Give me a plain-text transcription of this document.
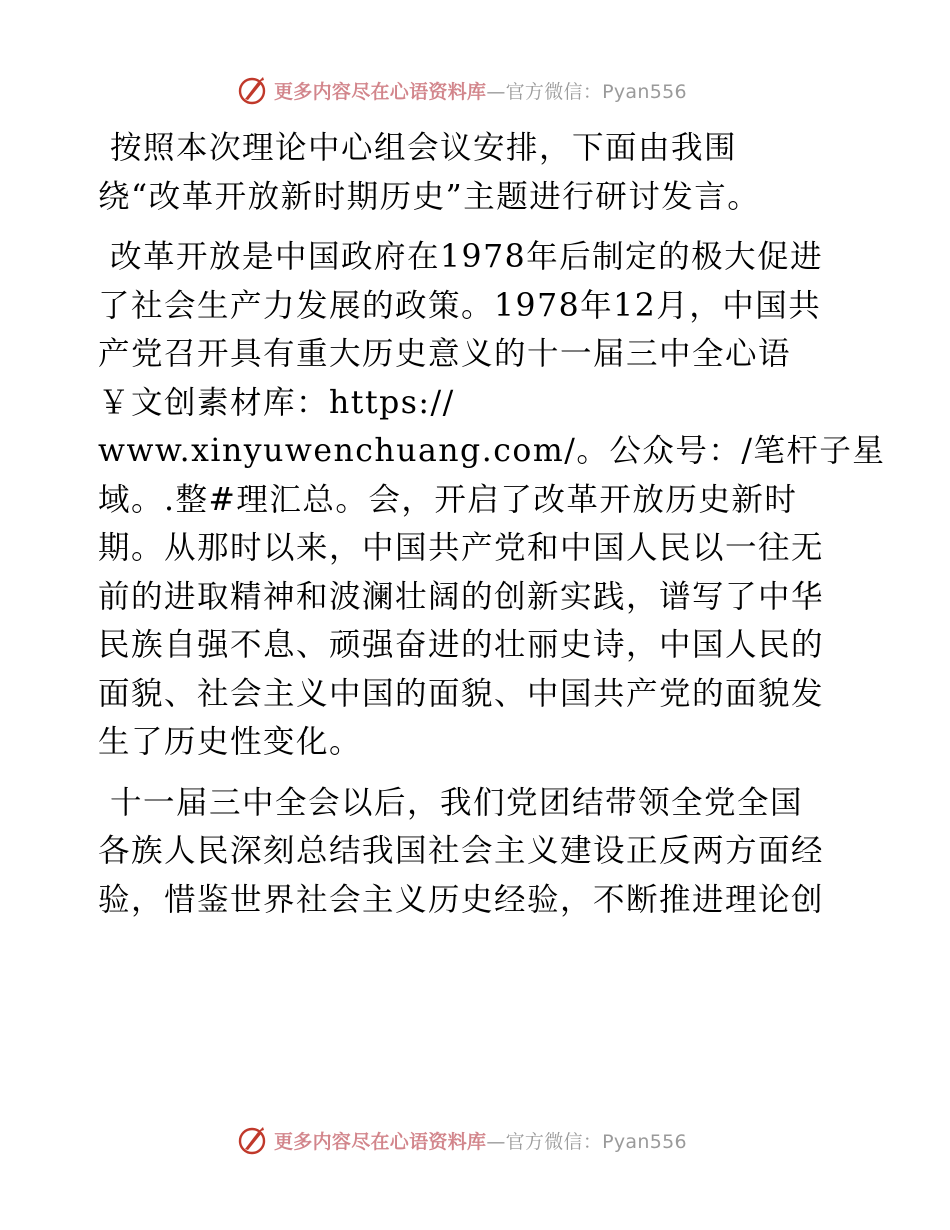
更多内容尽在心语资料库—官方微信：Pyan556
按照本次理论中心组会议安排，下面由我围
绕“改革开放新时期历史”主题进行研讨发言。
改革开放是中国政府在1978年后制定的极大促进
了社会生产力发展的政策。1978年12月，中国共
产党召开具有重大历史意义的十一届三中全心语
￥文创素材库：https://
www.xinyuwenchuang.com/。公众号：/笔杆子星
域。.整#理汇总。会，开启了改革开放历史新时
期。从那时以来，中国共产党和中国人民以一往无
前的进取精神和波澜壮阔的创新实践，谱写了中华
民族自强不息、顽强奋进的壮丽史诗，中国人民的
面貌、社会主义中国的面貌、中国共产党的面貌发
生了历史性变化。
十一届三中全会以后，我们党团结带领全党全国
各族人民深刻总结我国社会主义建设正反两方面经
验，惜鉴世界社会主义历史经验，不断推进理论创
更多内容尽在心语资料库—官方微信：Pyan556
